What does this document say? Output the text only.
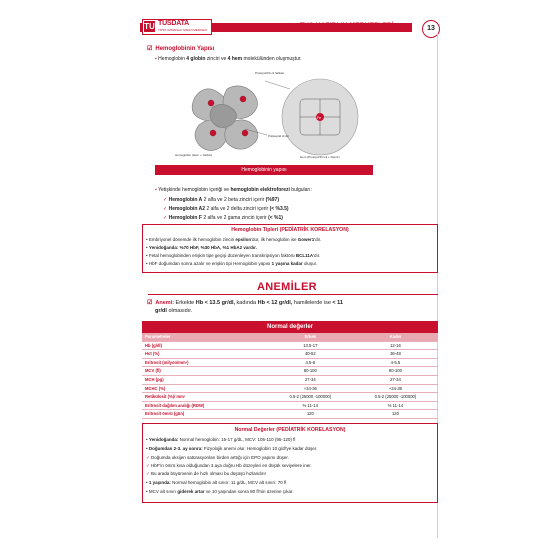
TU TUSDATA
TIPTA UZMANLIK SINAVI MERKEZI
TUS HAZIRLIK MERKEZLERİ	13
☑ Hemoglobinin Yapısı
▪ Hemoglobin 4 globin zinciri ve 4 hem molekülünden oluşmuştur.
Fe
Protoporfirin-9 halkası
Polipeptid zincir
Hemoglobin (Hem + Globin)	Hem (Protoporfirin-9 + Demir)
Hemoglobinin yapısı
▪ Yetişkinde hemoglobin içeriği ve hemoglobin elektroforezi bulguları:
✓ Hemoglobin A 2 alfa ve 2 beta zinciri içerir (%97)
✓ Hemoglobin A2 2 alfa ve 2 delta zinciri içerir (< %3.5)
✓ Hemoglobin F 2 alfa ve 2 gama zinciri içerir (< %1)
Hemoglobin Tipleri (PEDİATRİK KORELASYON)
• Embriyonel dönemde ilk hemoglobin zinciri epsilon'dur, ilk hemoglobin ise Gower1'dir.
• Yenidoğanda: %70 HbF, %30 HbA, %1 HbA2 vardır.
• Fetal hemoglobinden erişkin tipe geçişi düzenleyen transkripsiyon faktörü BCL11A'dır.
• HbF doğumdan sonra azalır ve erişkin tipi Hemoglobin yapısı 1 yaşına kadar oluşur.
ANEMİLER
☑ Anemi: Erkekte Hb < 13.5 gr/dl, kadında Hb < 12 gr/dl, hamilelerde ise < 11
gr/dl olmasıdır.
Normal değerler
Parametreler	Erkek	Kadın
Hb (g/dl)	13.5-17	12-16
Hct (%)	40-52	36-48
Eritrosit (milyon/mm³)	4.5-6	4-5.5
MCV (fl)	80-100	80-100
MCH (pg)	27-34	27-34
MCHC (%)	+34-36	+34-36
Retikülosit (%)/ mm³	0.5-2 (25000 -100000)	0.5-2 (25000 -100000)
Eritrosit dağılım aralığı (RDW)	% 11-14	% 11-14
Eritrosit ömrü (gün)	120	120
Normal Değerler (PEDİATRİK KORELASYON)
• Yenidoğanda: Normal hemoglobin: 16-17 g/dL, MCV: 105-110 (95-120) fl
• Doğumdan 2-3. ay sonra: Fizyolojik anemi olur. Hemoglobin 10 g/dl'ye kadar düşer.
✓ Doğumda oksijen satürasyonları birden arttığı için EPO yapımı düşer.
✓ HbF'in ömrü kısa olduğundan 3.aya doğru Hb düzeyleri en düşük seviyelere iner.
✓ Bu arada büyümenin de hızlı olması bu düşüşü hızlandırır
• 1 yaşında: Normal hemoglobin alt sınırı: 11 g/dL, MCV alt sınırı: 70 fl
• MCV alt sınırı giderek artar ve 10 yaşından sonra 80 fl'nin üzerine çıkar.
